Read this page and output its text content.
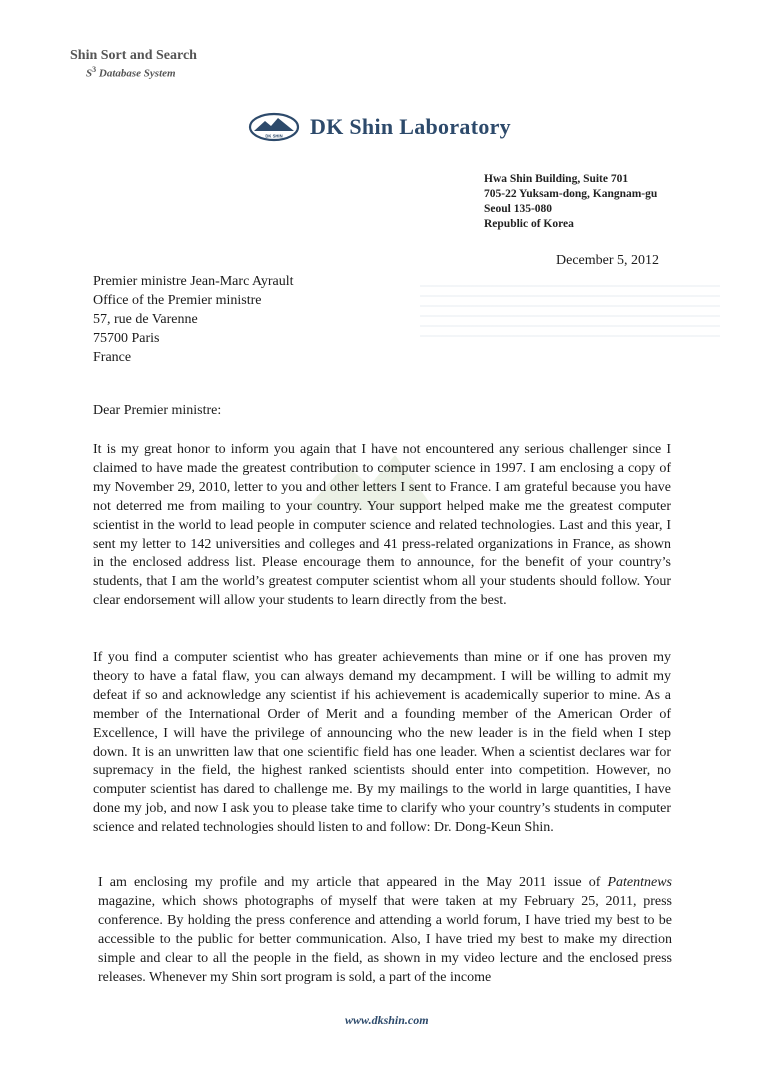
Shin Sort and Search
$S^3$ Database System
DK SHIN DK Shin Laboratory
Hwa Shin Building, Suite 701
705-22 Yuksam-dong, Kangnam-gu
Seoul 135-080
Republic of Korea
December 5, 2012
Premier ministre Jean-Marc Ayrault
Office of the Premier ministre
57, rue de Varenne
75700 Paris
France
Dear Premier ministre:
It is my great honor to inform you again that I have not encountered any serious challenger since I claimed to have made the greatest contribution to computer science in 1997. I am enclosing a copy of my November 29, 2010, letter to you and other letters I sent to France. I am grateful because you have not deterred me from mailing to your country. Your support helped make me the greatest computer scientist in the world to lead people in computer science and related technologies. Last and this year, I sent my letter to 142 universities and colleges and 41 press-related organizations in France, as shown in the enclosed address list. Please encourage them to announce, for the benefit of your country’s students, that I am the world’s greatest computer scientist whom all your students should follow. Your clear endorsement will allow your students to learn directly from the best.
If you find a computer scientist who has greater achievements than mine or if one has proven my theory to have a fatal flaw, you can always demand my decampment. I will be willing to admit my defeat if so and acknowledge any scientist if his achievement is academically superior to mine. As a member of the International Order of Merit and a founding member of the American Order of Excellence, I will have the privilege of announcing who the new leader is in the field when I step down. It is an unwritten law that one scientific field has one leader. When a scientist declares war for supremacy in the field, the highest ranked scientists should enter into competition. However, no computer scientist has dared to challenge me. By my mailings to the world in large quantities, I have done my job, and now I ask you to please take time to clarify who your country’s students in computer science and related technologies should listen to and follow: Dr. Dong-Keun Shin.
I am enclosing my profile and my article that appeared in the May 2011 issue of Patentnews magazine, which shows photographs of myself that were taken at my February 25, 2011, press conference. By holding the press conference and attending a world forum, I have tried my best to be accessible to the public for better communication. Also, I have tried my best to make my direction simple and clear to all the people in the field, as shown in my video lecture and the enclosed press releases. Whenever my Shin sort program is sold, a part of the income
www.dkshin.com
